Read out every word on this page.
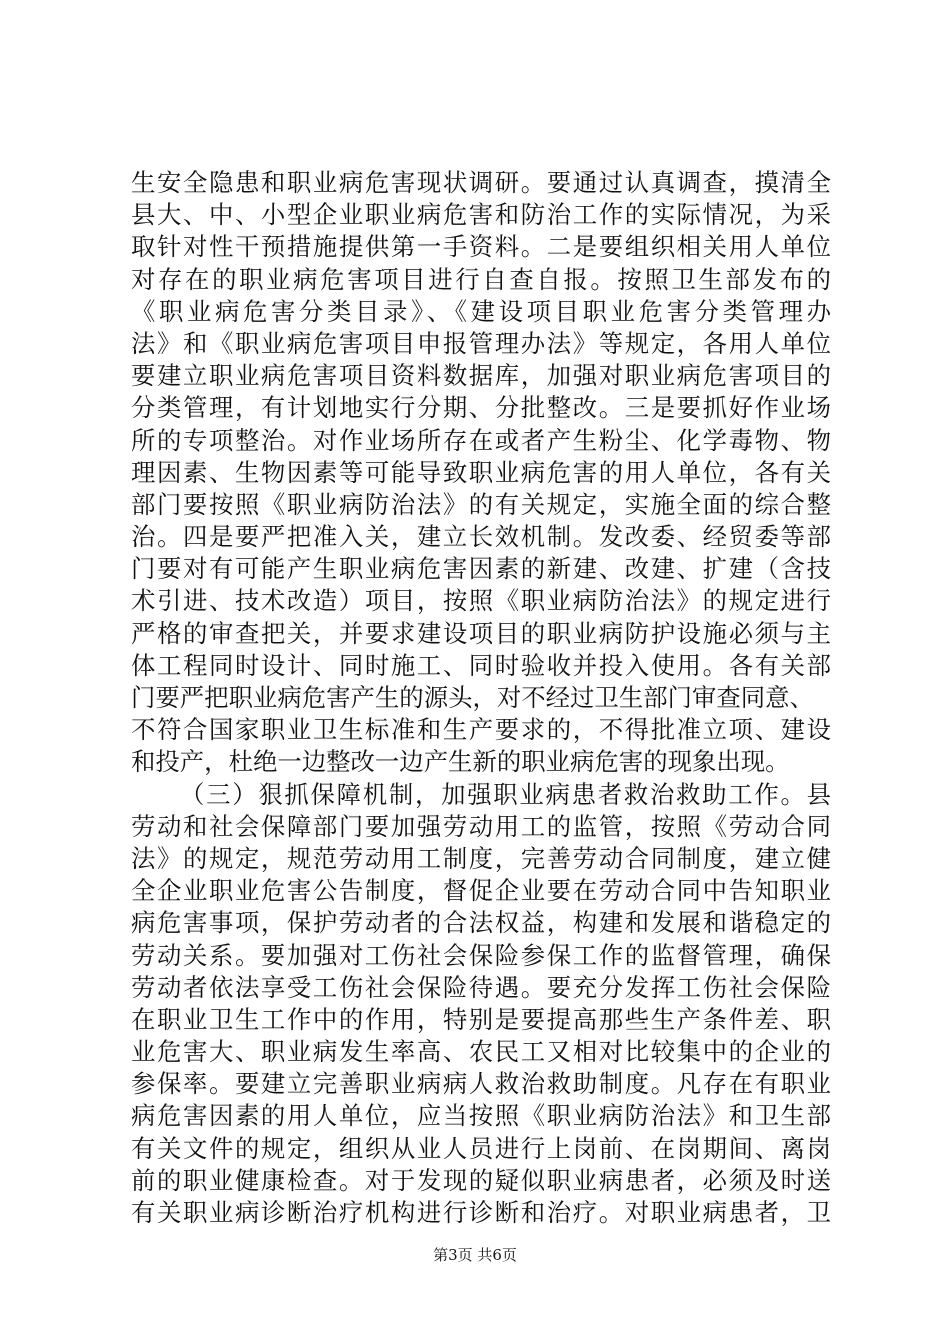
生安全隐患和职业病危害现状调研。要通过认真调查，摸清全
县大、中、小型企业职业病危害和防治工作的实际情况，为采
取针对性干预措施提供第一手资料。二是要组织相关用人单位
对存在的职业病危害项目进行自查自报。按照卫生部发布的
《职业病危害分类目录》、《建设项目职业危害分类管理办
法》和《职业病危害项目申报管理办法》等规定，各用人单位
要建立职业病危害项目资料数据库，加强对职业病危害项目的
分类管理，有计划地实行分期、分批整改。三是要抓好作业场
所的专项整治。对作业场所存在或者产生粉尘、化学毒物、物
理因素、生物因素等可能导致职业病危害的用人单位，各有关
部门要按照《职业病防治法》的有关规定，实施全面的综合整
治。四是要严把准入关，建立长效机制。发改委、经贸委等部
门要对有可能产生职业病危害因素的新建、改建、扩建（含技
术引进、技术改造）项目，按照《职业病防治法》的规定进行
严格的审查把关，并要求建设项目的职业病防护设施必须与主
体工程同时设计、同时施工、同时验收并投入使用。各有关部
门要严把职业病危害产生的源头，对不经过卫生部门审查同意、
不符合国家职业卫生标准和生产要求的，不得批准立项、建设
和投产，杜绝一边整改一边产生新的职业病危害的现象出现。
（三）狠抓保障机制，加强职业病患者救治救助工作。县
劳动和社会保障部门要加强劳动用工的监管，按照《劳动合同
法》的规定，规范劳动用工制度，完善劳动合同制度，建立健
全企业职业危害公告制度，督促企业要在劳动合同中告知职业
病危害事项，保护劳动者的合法权益，构建和发展和谐稳定的
劳动关系。要加强对工伤社会保险参保工作的监督管理，确保
劳动者依法享受工伤社会保险待遇。要充分发挥工伤社会保险
在职业卫生工作中的作用，特别是要提高那些生产条件差、职
业危害大、职业病发生率高、农民工又相对比较集中的企业的
参保率。要建立完善职业病病人救治救助制度。凡存在有职业
病危害因素的用人单位，应当按照《职业病防治法》和卫生部
有关文件的规定，组织从业人员进行上岗前、在岗期间、离岗
前的职业健康检查。对于发现的疑似职业病患者，必须及时送
有关职业病诊断治疗机构进行诊断和治疗。对职业病患者，卫
第3页 共6页
